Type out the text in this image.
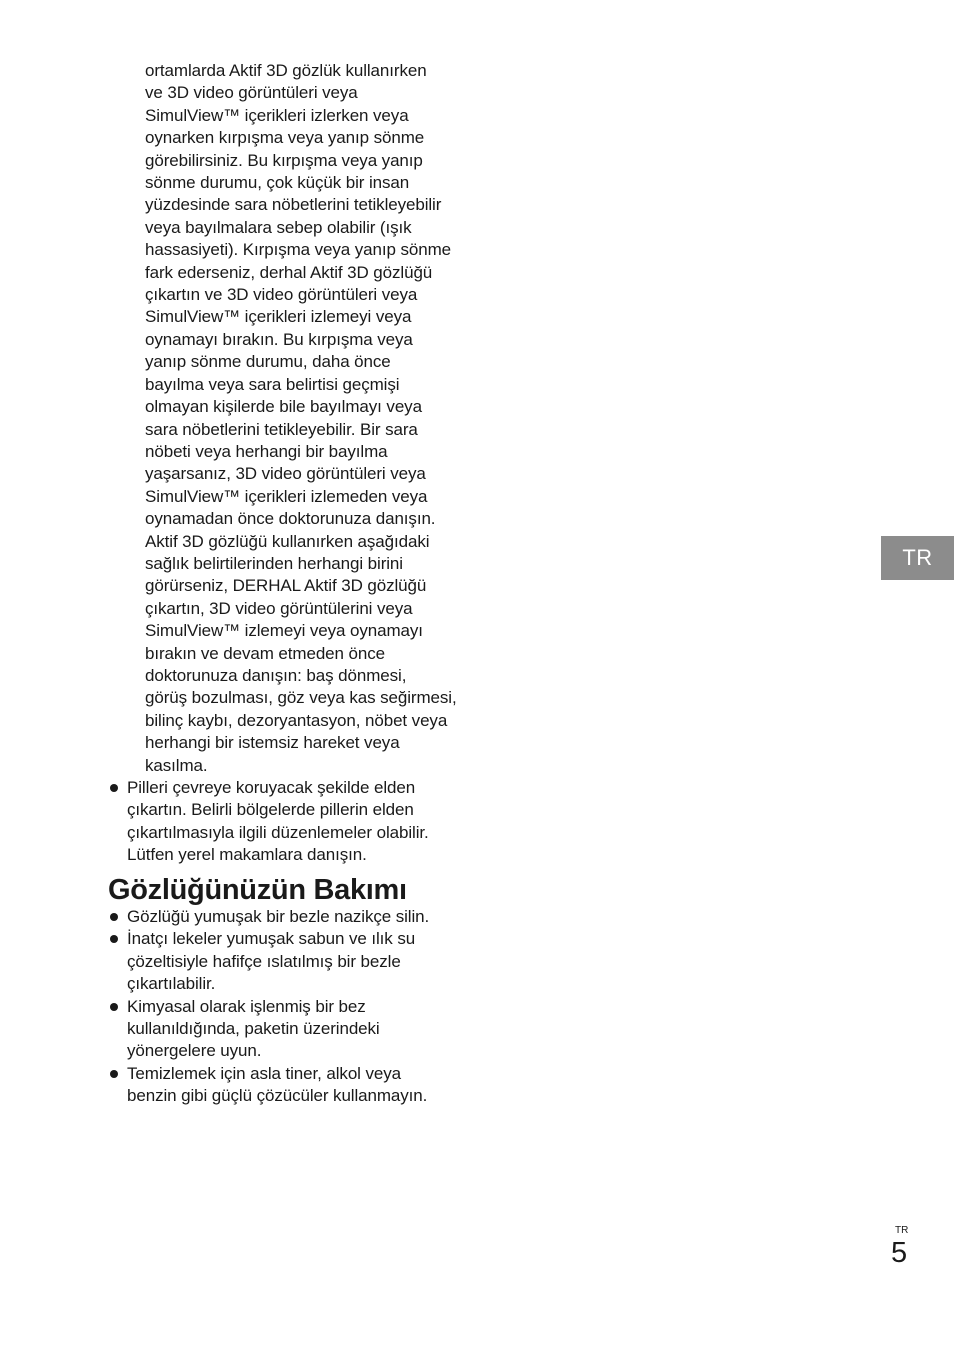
ortamlarda Aktif 3D gözlük kullanırken
ve 3D video görüntüleri veya
SimulView™ içerikleri izlerken veya
oynarken kırpışma veya yanıp sönme
görebilirsiniz. Bu kırpışma veya yanıp
sönme durumu, çok küçük bir insan
yüzdesinde sara nöbetlerini tetikleyebilir
veya bayılmalara sebep olabilir (ışık
hassasiyeti). Kırpışma veya yanıp sönme
fark ederseniz, derhal Aktif 3D gözlüğü
çıkartın ve 3D video görüntüleri veya
SimulView™ içerikleri izlemeyi veya
oynamayı bırakın. Bu kırpışma veya
yanıp sönme durumu, daha önce
bayılma veya sara belirtisi geçmişi
olmayan kişilerde bile bayılmayı veya
sara nöbetlerini tetikleyebilir. Bir sara
nöbeti veya herhangi bir bayılma
yaşarsanız, 3D video görüntüleri veya
SimulView™ içerikleri izlemeden veya
oynamadan önce doktorunuza danışın.
Aktif 3D gözlüğü kullanırken aşağıdaki
sağlık belirtilerinden herhangi birini
görürseniz, DERHAL Aktif 3D gözlüğü
çıkartın, 3D video görüntülerini veya
SimulView™ izlemeyi veya oynamayı
bırakın ve devam etmeden önce
doktorunuza danışın: baş dönmesi,
görüş bozulması, göz veya kas seğirmesi,
bilinç kaybı, dezoryantasyon, nöbet veya
herhangi bir istemsiz hareket veya
kasılma.
Pilleri çevreye koruyacak şekilde elden
çıkartın. Belirli bölgelerde pillerin elden
çıkartılmasıyla ilgili düzenlemeler olabilir.
Lütfen yerel makamlara danışın.
Gözlüğünüzün Bakımı
Gözlüğü yumuşak bir bezle nazikçe silin.
İnatçı lekeler yumuşak sabun ve ılık su
çözeltisiyle hafifçe ıslatılmış bir bezle
çıkartılabilir.
Kimyasal olarak işlenmiş bir bez
kullanıldığında, paketin üzerindeki
yönergelere uyun.
Temizlemek için asla tiner, alkol veya
benzin gibi güçlü çözücüler kullanmayın.
TR
TR
5
